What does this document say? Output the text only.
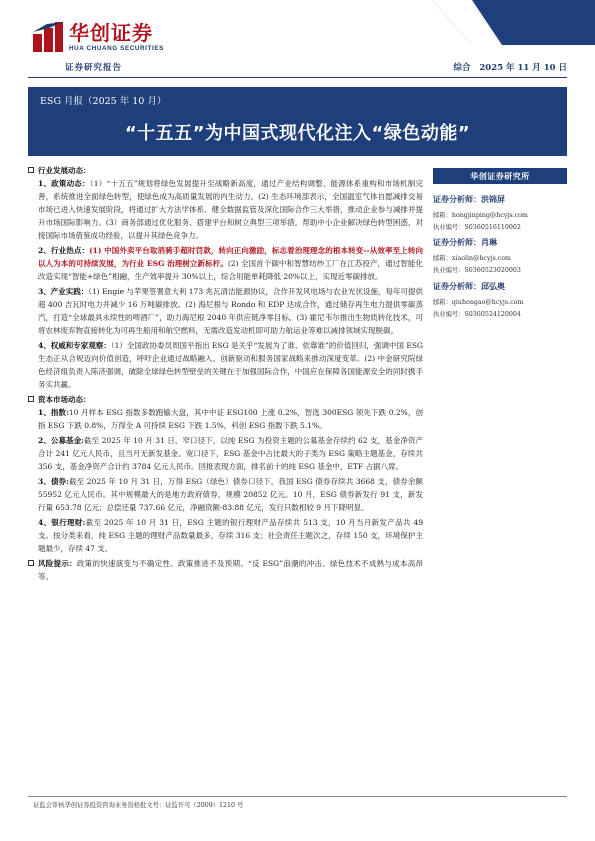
华创证券
HUA CHUANG SECURITIES
证券研究报告	综合 2025 年 11 月 10 日
ESG 月报（2025 年 10 月）
“十五五”为中国式现代化注入“绿色动能”
行业发展动态：
1、政策动态：（1）“十五五”规划将绿色发展提升至战略新高度，通过产业结构调整、能源体系重构和市场机制完善，系统推进全面绿色转型，使绿色成为高质量发展的内生动力。(2) 生态环境部表示，全国温室气体自愿减排交易市场已进入快速发展阶段，将通过扩大方法学体系、健全数据监管及深化国际合作三大举措，推动企业参与减排并提升市场国际影响力。(3）商务部通过优化服务、搭建平台和树立典型三项举措，帮助中小企业解决绿色转型困惑，对接国际市场借鉴成功经验，以提升其绿色竞争力。
2、行业热点：(1) 中国外卖平台取消骑手超时罚款，转向正向激励，标志着治理理念的根本转变--从效率至上转向以人为本的可持续发展，为行业 ESG 治理树立新标杆。(2) 全国首个碳中和智慧纺纱工厂在江苏投产，通过智能化改造实现“智能+绿色”相融，生产效率提升 30%以上，综合用能单耗降低 20%以上，实现近零碳排放。
3、产业实践：（1) Engie 与苹果签署意大利 173 兆瓦清洁能源协议，合作开发风电场与农业光伏设施，每年可提供超 400 吉瓦时电力并减少 16 万吨碳排放。(2) 海尼根与 Rondo 和 EDP 达成合作，通过储存再生电力提供零碳蒸汽，打造“全球最具永续性的啤酒厂”，助力海尼根 2040 年供应链净零目标。(3) 霍尼韦尔推出生物质转化技术，可将农林废弃物直接转化为可再生船用和航空燃料，无需改造发动机即可助力航运业等难以减排领域实现脱碳。
4、权威和专家观察：（1）全国政协委员周国平指出 ESG 是关乎“发展为了谁、依靠谁”的价值回归，强调中国 ESG 生态正从合规迈向价值创造，呼吁企业通过战略融入、创新驱动和服务国家战略来推动深度变革。(2) 中金研究院绿色经济组负责人陈济强调，破除全球绿色转型壁垒的关键在于加强国际合作，中国应在保障各国能源安全的同时携手务实共赢。
资本市场动态：
1、指数:10 月样本 ESG 指数多数跑输大盘，其中中证 ESG100 上涨 0.2%，智选 300ESG 领先下跌 0.2%，创指 ESG 下跌 0.8%，万得全 A 可持续 ESG 下跌 1.5%，科创 ESG 指数下跌 5.1%。
2、公募基金:截至 2025 年 10 月 31 日，窄口径下，以纯 ESG 为投资主题的公募基金存续约 62 支，基金净资产合计 241 亿元人民币，且当月无新发基金。宽口径下，ESG 基金中占比最大的子类为 ESG 策略主题基金，存续共 356 支，基金净资产合计约 3784 亿元人民币。回报表现方面，排名前十的纯 ESG 基金中，ETF 占据八席。
3、债券:截至 2025 年 10 月 31 日，万得 ESG（绿色）债券口径下，我国 ESG 债券存续共 3668 支，债券余额 55952 亿元人民币。其中规模最大的是地方政府债券，规模 20852 亿元。10 月，ESG 债券新发行 91 支，新发行量 653.78 亿元；总偿还量 737.66 亿元，净融资额-83.88 亿元，发行只数相较 9 月下降明显。
4、银行理财:截至 2025 年 10 月 31 日，ESG 主题的银行理财产品存续共 513 支，10 月当月新发产品共 49 支。按分类来看，纯 ESG 主题的理财产品数量最多，存续 316 支；社会责任主题次之，存续 150 支，环境保护主题最少，存续 47 支。
风险提示：政策的快速演变与不确定性、政策推进不及预期、“反 ESG”浪潮的冲击、绿色技术不成熟与成本高昂等。
华创证券研究所
证券分析师：洪锦屏
邮箱：hongjinping@hcyjs.com
执业编号：S0360516110002
证券分析师：肖琳
邮箱：xiaolin@hcyjs.com
执业编号：S0360523020003
证券分析师：邱弘奥
邮箱：qiuhongao@hcyjs.com
执业编号：S0360524120004
证监会审核华创证券投资咨询业务资格批文号：证监许可（2009）1210 号
